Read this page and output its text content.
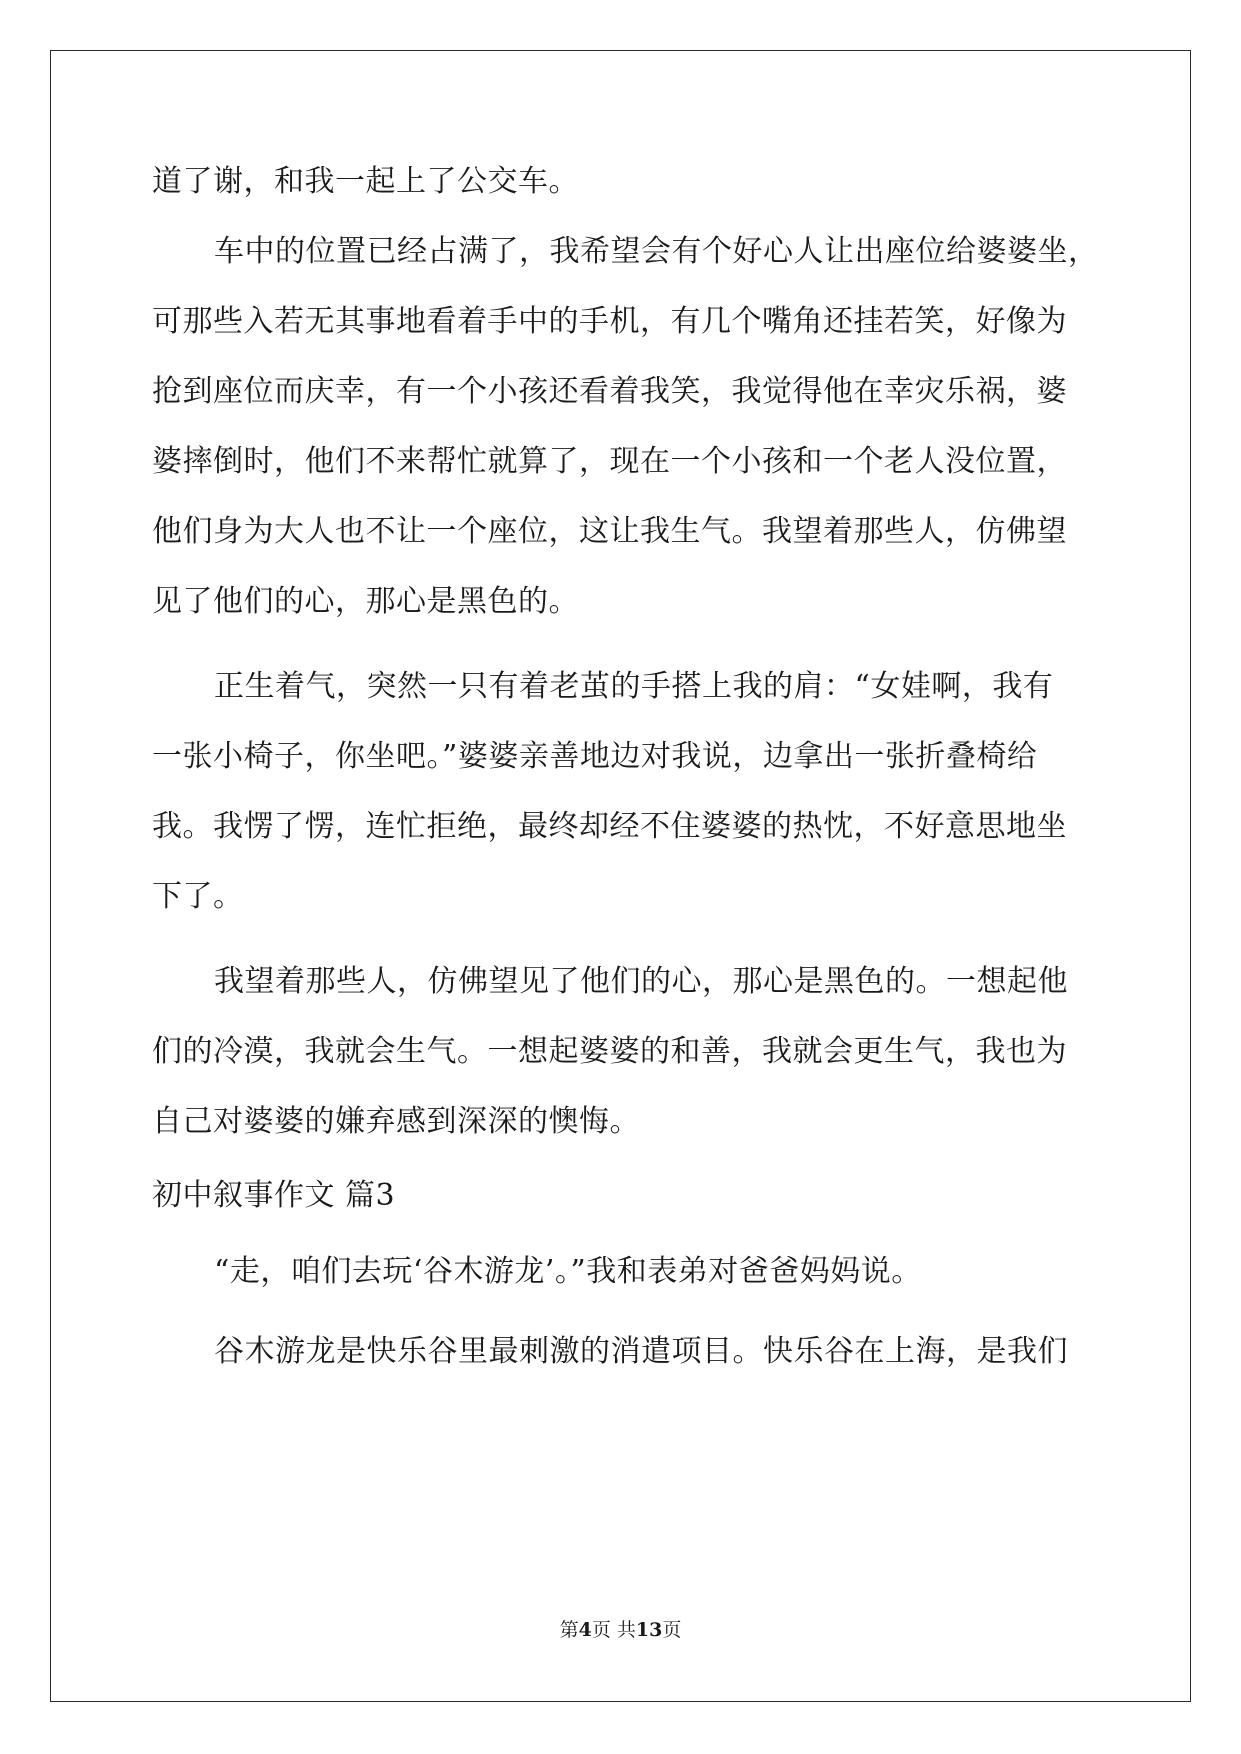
道了谢，和我一起上了公交车。
车中的位置已经占满了，我希望会有个好心人让出座位给婆婆坐，
可那些入若无其事地看着手中的手机，有几个嘴角还挂若笑，好像为
抢到座位而庆幸，有一个小孩还看着我笑，我觉得他在幸灾乐祸，婆
婆摔倒时，他们不来帮忙就算了，现在一个小孩和一个老人没位置，
他们身为大人也不让一个座位，这让我生气。我望着那些人，仿佛望
见了他们的心，那心是黑色的。
正生着气，突然一只有着老茧的手搭上我的肩：“女娃啊，我有
一张小椅子，你坐吧。”婆婆亲善地边对我说，边拿出一张折叠椅给
我。我愣了愣，连忙拒绝，最终却经不住婆婆的热忱，不好意思地坐
下了。
我望着那些人，仿佛望见了他们的心，那心是黑色的。一想起他
们的冷漠，我就会生气。一想起婆婆的和善，我就会更生气，我也为
自己对婆婆的嫌弃感到深深的懊悔。
初中叙事作文 篇3
“走，咱们去玩‘谷木游龙’。”我和表弟对爸爸妈妈说。
谷木游龙是快乐谷里最刺激的消遣项目。快乐谷在上海，是我们
第4页 共13页
